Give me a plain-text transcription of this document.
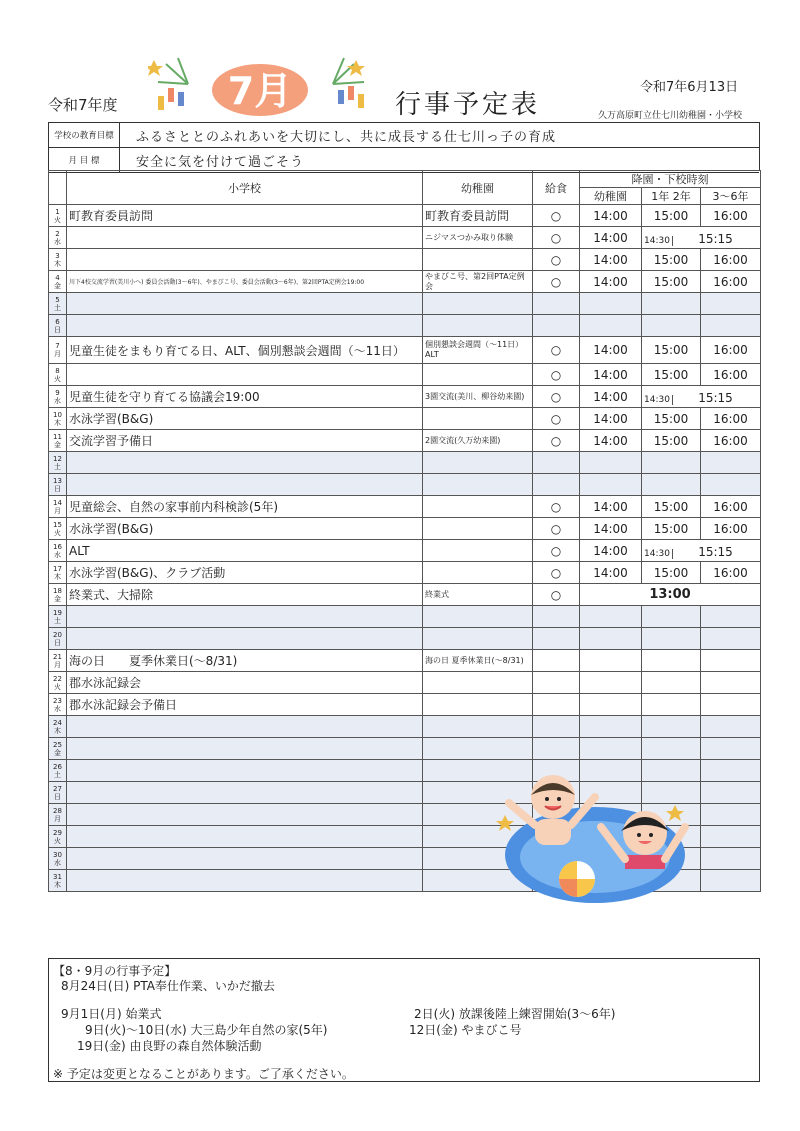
令和7年度	7月	行事予定表
令和7年6月13日
久万高原町立仕七川幼稚園・小学校
学校の教育目標	ふるさととのふれあいを大切にし、共に成長する仕七川っ子の育成
月 目 標	安全に気を付けて過ごそう
	小学校	幼稚園	給食	降園・下校時刻		
				幼稚園	1年 2年	3～6年

1
火	町教育委員訪問	町教育委員訪問	○	14:00	15:00	16:00

2
水		ニジマスつかみ取り体験	○	14:00	14:30 15:15	

3
木			○	14:00	15:00	16:00

4
金	川下4校交流学習(美川小へ) 委員会活動(3～6年)、やまびこ号、委員会活動(3～6年)、第2回PTA定例会19:00	やまびこ号、第2回PTA定例会	○	14:00	15:00	16:00

5
土						

6
日						

7
月	児童生徒をまもり育てる日、ALT、個別懇談会週間（～11日）	個別懇談会週間（～11日）ALT	○	14:00	15:00	16:00

8
火			○	14:00	15:00	16:00

9
水	児童生徒を守り育てる協議会19:00	3園交流(美川、柳谷幼来園)	○	14:00	14:30 15:15	

10
木	水泳学習(B&G)		○	14:00	15:00	16:00

11
金	交流学習予備日	2園交流(久万幼来園)	○	14:00	15:00	16:00

12
土						

13
日						

14
月	児童総会、自然の家事前内科検診(5年)		○	14:00	15:00	16:00

15
火	水泳学習(B&G)		○	14:00	15:00	16:00

16
水	ALT		○	14:00	14:30 15:15	

17
木	水泳学習(B&G)、クラブ活動		○	14:00	15:00	16:00

18
金	終業式、大掃除	終業式	○	13:00		

19
土						

20
日						

21
月	海の日　　夏季休業日(～8/31)	海の日 夏季休業日(～8/31)				

22
火	郡水泳記録会					

23
水	郡水泳記録会予備日					

24
木						

25
金						

26
土						

27
日						

28
月						

29
火						

30
水						

31
木						

【8・9月の行事予定】
8月24日(日) PTA奉仕作業、いかだ撤去
9月1日(月) 始業式	2日(火) 放課後陸上練習開始(3～6年)
9日(火)～10日(水) 大三島少年自然の家(5年)	12日(金) やまびこ号
19日(金) 由良野の森自然体験活動
※ 予定は変更となることがあります。ご了承ください。
